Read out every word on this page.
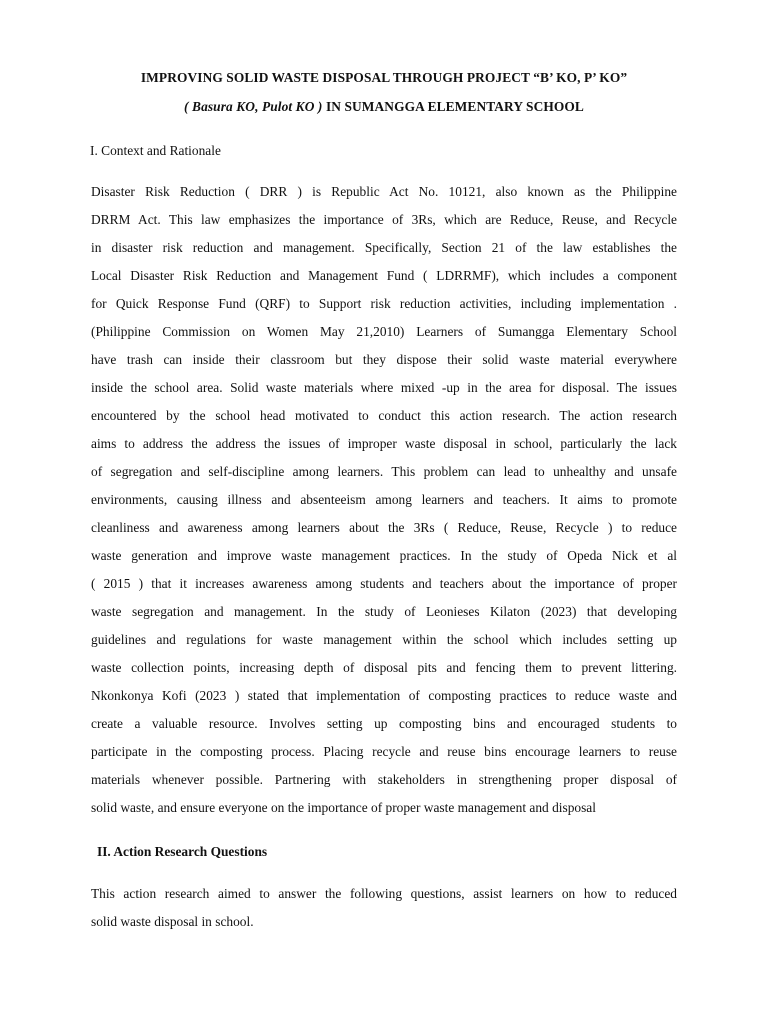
IMPROVING SOLID WASTE DISPOSAL THROUGH PROJECT “B’ KO, P’ KO”
( Basura KO, Pulot KO ) IN SUMANGGA ELEMENTARY SCHOOL
I. Context and Rationale
Disaster Risk Reduction ( DRR ) is Republic Act No. 10121, also known as the Philippine
DRRM Act. This law emphasizes the importance of 3Rs, which are Reduce, Reuse, and Recycle
in disaster risk reduction and management. Specifically, Section 21 of the law establishes the
Local Disaster Risk Reduction and Management Fund ( LDRRMF), which includes a component
for Quick Response Fund (QRF) to Support risk reduction activities, including implementation .
(Philippine Commission on Women May 21,2010) Learners of Sumangga Elementary School
have trash can inside their classroom but they dispose their solid waste material everywhere
inside the school area. Solid waste materials where mixed -up in the area for disposal. The issues
encountered by the school head motivated to conduct this action research. The action research
aims to address the address the issues of improper waste disposal in school, particularly the lack
of segregation and self-discipline among learners. This problem can lead to unhealthy and unsafe
environments, causing illness and absenteeism among learners and teachers. It aims to promote
cleanliness and awareness among learners about the 3Rs ( Reduce, Reuse, Recycle ) to reduce
waste generation and improve waste management practices. In the study of Opeda Nick et al
( 2015 ) that it increases awareness among students and teachers about the importance of proper
waste segregation and management. In the study of Leonieses Kilaton (2023) that developing
guidelines and regulations for waste management within the school which includes setting up
waste collection points, increasing depth of disposal pits and fencing them to prevent littering.
Nkonkonya Kofi (2023 ) stated that implementation of composting practices to reduce waste and
create a valuable resource. Involves setting up composting bins and encouraged students to
participate in the composting process. Placing recycle and reuse bins encourage learners to reuse
materials whenever possible. Partnering with stakeholders in strengthening proper disposal of
solid waste, and ensure everyone on the importance of proper waste management and disposal
II. Action Research Questions
This action research aimed to answer the following questions, assist learners on how to reduced
solid waste disposal in school.
